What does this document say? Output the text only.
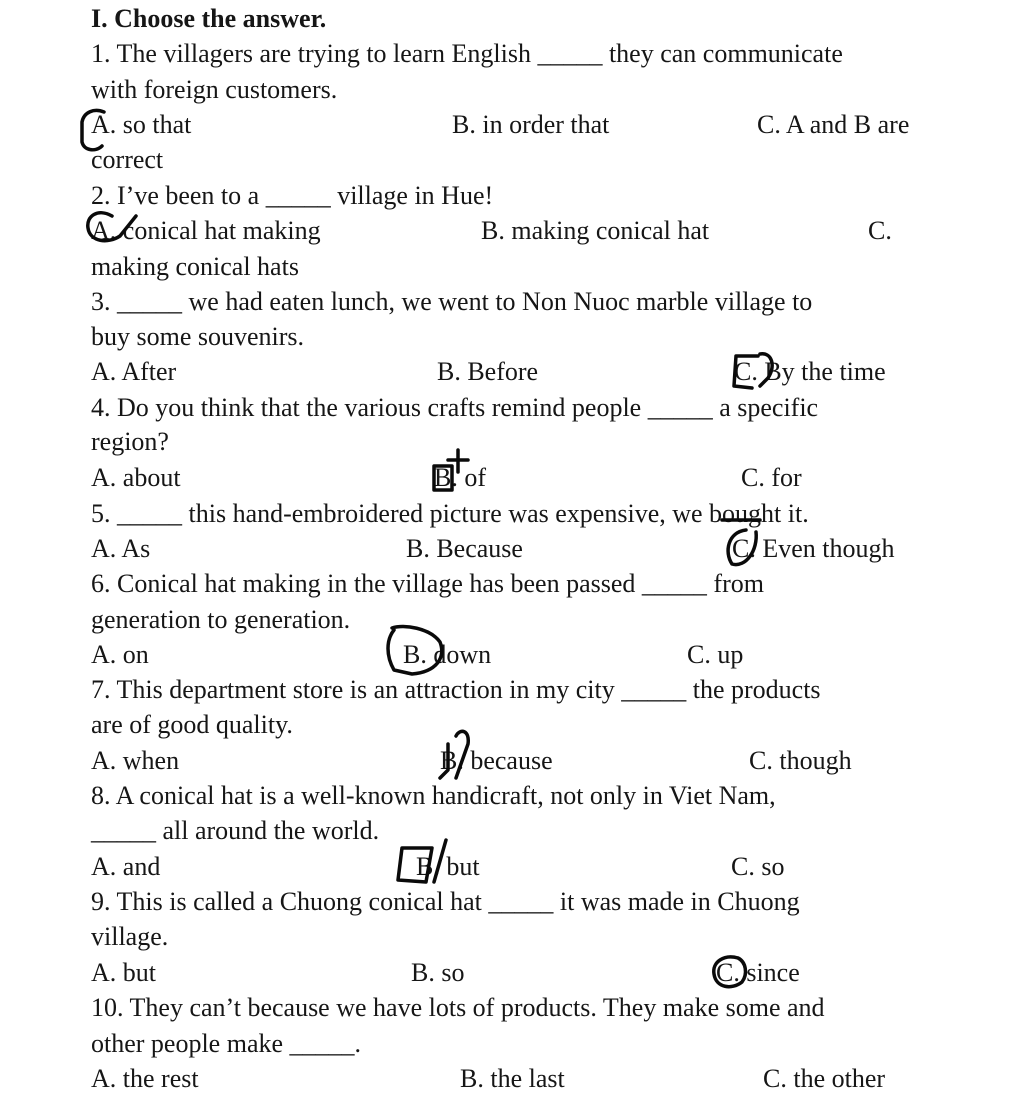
I. Choose the answer.
1. The villagers are trying to learn English _____ they can communicate
with foreign customers.
A. so that	B. in order that	C. A and B are
correct
2. I’ve been to a _____ village in Hue!
A. conical hat making	B. making conical hat	C.
making conical hats
3. _____ we had eaten lunch, we went to Non Nuoc marble village to
buy some souvenirs.
A. After	B. Before	C. By the time
4. Do you think that the various crafts remind people _____ a specific
region?
A. about	B. of	C. for
5. _____ this hand-embroidered picture was expensive, we bought it.
A. As	B. Because	C. Even though
6. Conical hat making in the village has been passed _____ from
generation to generation.
A. on	B. down	C. up
7. This department store is an attraction in my city _____ the products
are of good quality.
A. when	B. because	C. though
8. A conical hat is a well-known handicraft, not only in Viet Nam,
_____ all around the world.
A. and	B. but	C. so
9. This is called a Chuong conical hat _____ it was made in Chuong
village.
A. but	B. so	C. since
10. They can’t because we have lots of products. They make some and
other people make _____.
A. the rest	B. the last	C. the other
